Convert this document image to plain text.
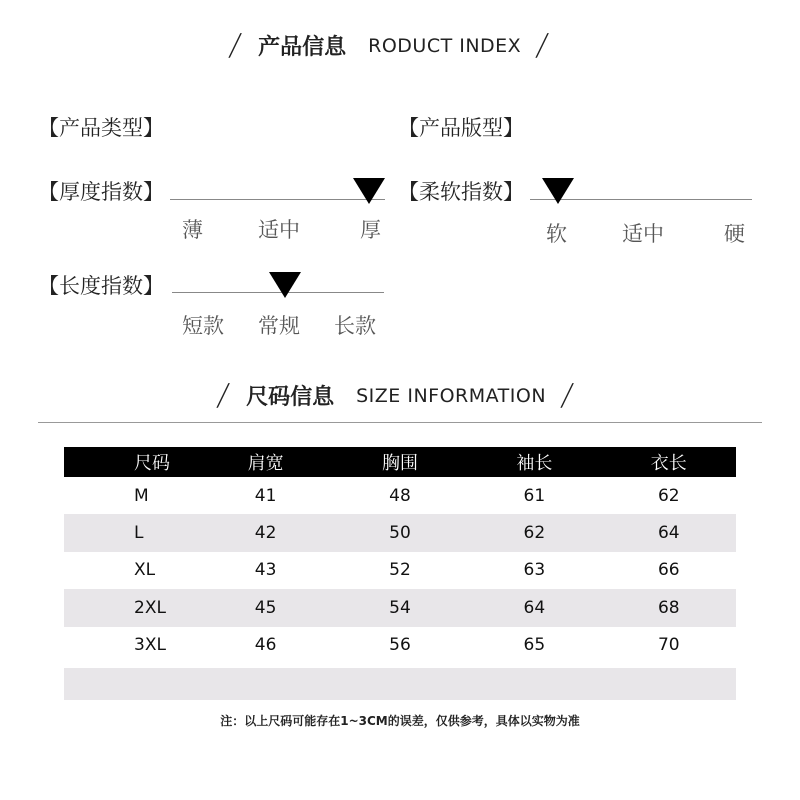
/ 产品信息 RODUCT INDEX /
【产品类型】	【产品版型】
【厚度指数】
薄	适中	厚
【柔软指数】
软	适中	硬
【长度指数】
短款 常规 长款
/ 尺码信息 SIZE INFORMATION /
尺码	肩宽	胸围	袖长	衣长
M	41	48	61	62
L	42	50	62	64
XL	43	52	63	66
2XL	45	54	64	68
3XL	46	56	65	70
注：以上尺码可能存在1~3CM的误差，仅供参考，具体以实物为准
